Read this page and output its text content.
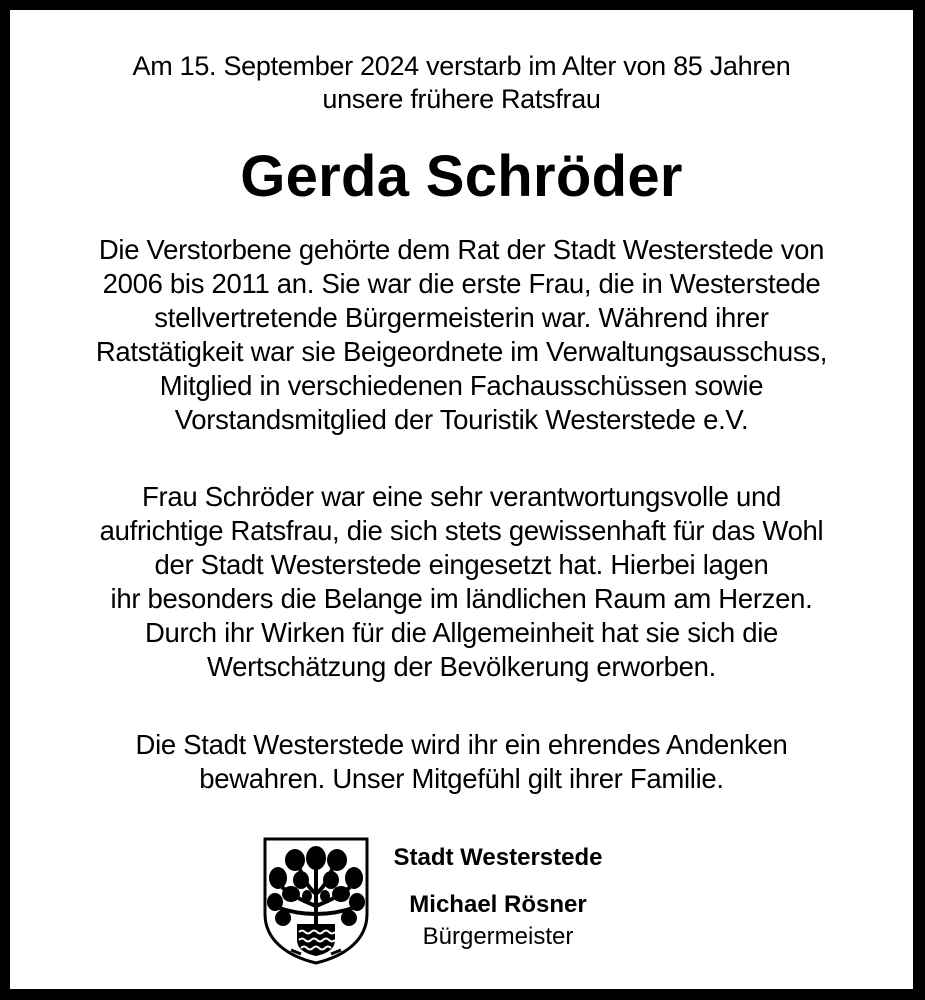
Am 15. September 2024 verstarb im Alter von 85 Jahren
unsere frühere Ratsfrau
Gerda Schröder
Die Verstorbene gehörte dem Rat der Stadt Westerstede von
2006 bis 2011 an. Sie war die erste Frau, die in Westerstede
stellvertretende Bürgermeisterin war. Während ihrer
Ratstätigkeit war sie Beigeordnete im Verwaltungsausschuss,
Mitglied in verschiedenen Fachausschüssen sowie
Vorstandsmitglied der Touristik Westerstede e.V.
Frau Schröder war eine sehr verantwortungsvolle und
aufrichtige Ratsfrau, die sich stets gewissenhaft für das Wohl
der Stadt Westerstede eingesetzt hat. Hierbei lagen
ihr besonders die Belange im ländlichen Raum am Herzen.
Durch ihr Wirken für die Allgemeinheit hat sie sich die
Wertschätzung der Bevölkerung erworben.
Die Stadt Westerstede wird ihr ein ehrendes Andenken
bewahren. Unser Mitgefühl gilt ihrer Familie.
Stadt Westerstede
Michael Rösner
Bürgermeister
